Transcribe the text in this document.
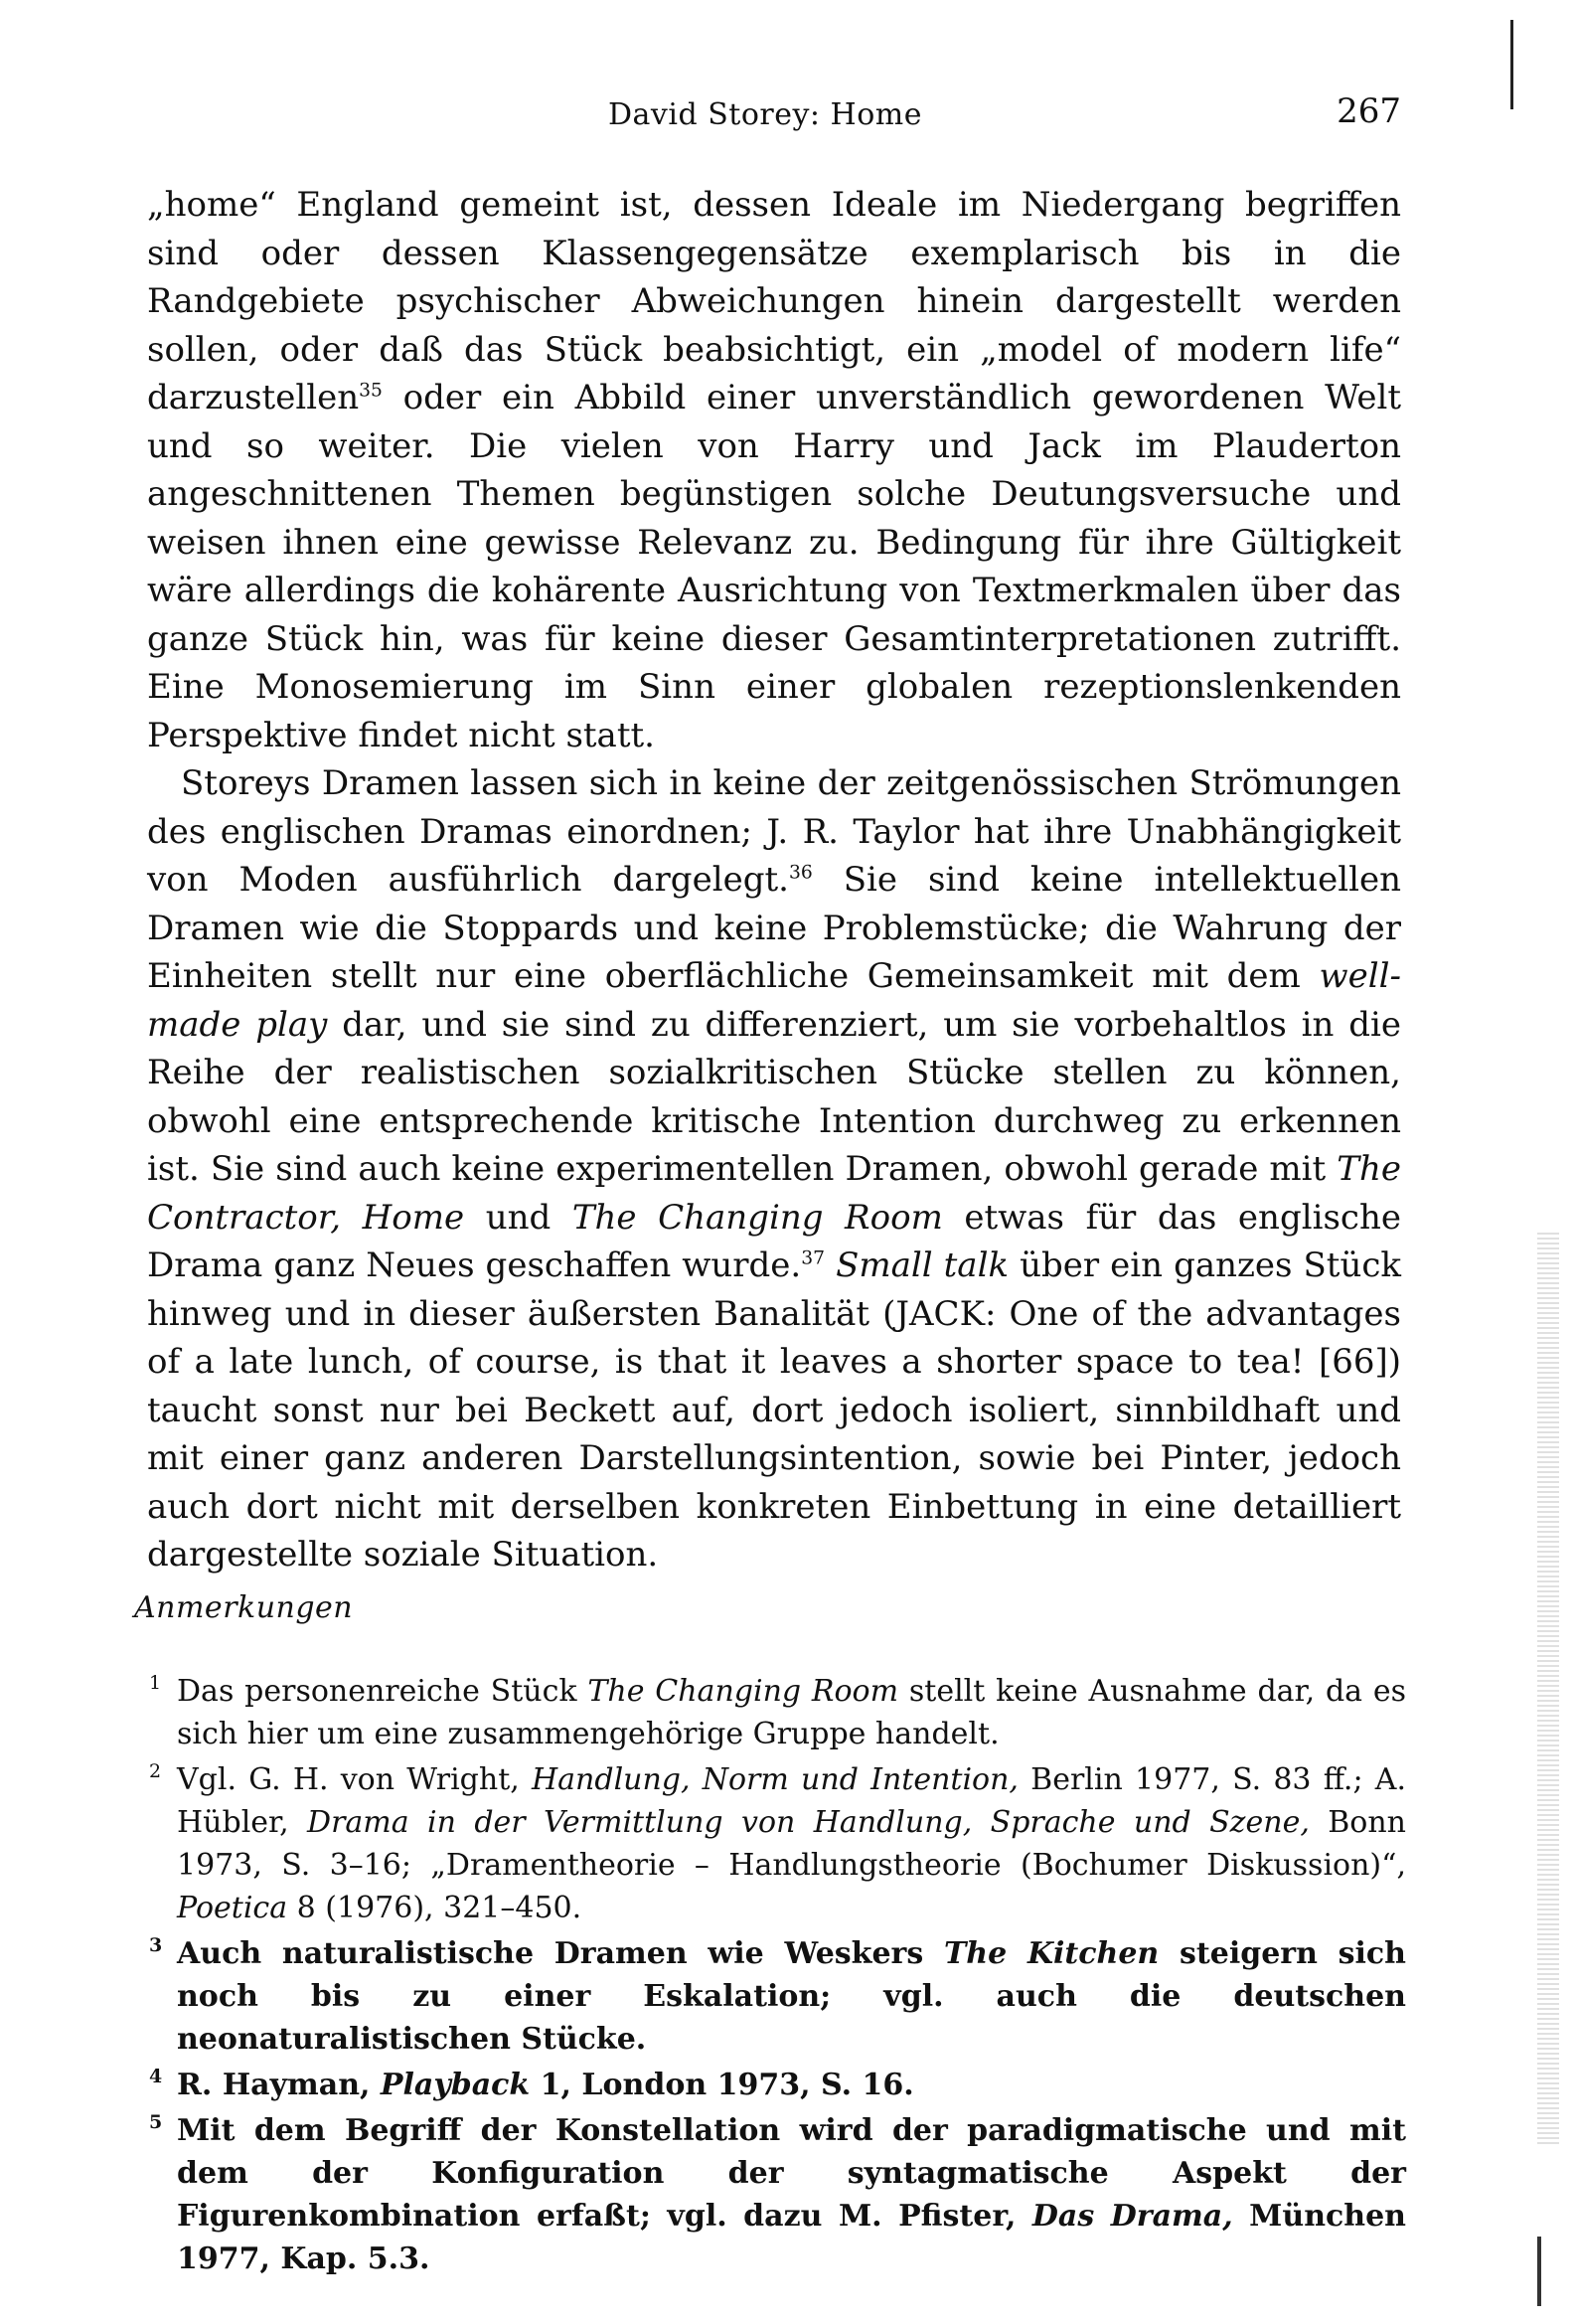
David Storey: Home	267

„home“ England gemeint ist, dessen Ideale im Niedergang begriffen sind oder dessen Klassengegensätze exemplarisch bis in die Randgebiete psychischer Abweichungen hinein dargestellt werden sollen, oder daß das Stück beabsichtigt, ein „model of modern life“ darzustellen$^{35}$ oder ein Abbild einer unverständlich gewordenen Welt und so weiter. Die vielen von Harry und Jack im Plauderton angeschnittenen Themen begünstigen solche Deutungsversuche und weisen ihnen eine gewisse Relevanz zu. Bedingung für ihre Gültigkeit wäre allerdings die kohärente Ausrichtung von Textmerkmalen über das ganze Stück hin, was für keine dieser Gesamtinterpretationen zutrifft. Eine Monosemierung im Sinn einer globalen rezeptionslenkenden Perspektive findet nicht statt.

Storeys Dramen lassen sich in keine der zeitgenössischen Strömungen des englischen Dramas einordnen; J. R. Taylor hat ihre Unabhängigkeit von Moden ausführlich dargelegt.$^{36}$ Sie sind keine intellektuellen Dramen wie die Stoppards und keine Problemstücke; die Wahrung der Einheiten stellt nur eine oberflächliche Gemeinsamkeit mit dem well-made play dar, und sie sind zu differenziert, um sie vorbehaltlos in die Reihe der realistischen sozialkritischen Stücke stellen zu können, obwohl eine entsprechende kritische Intention durchweg zu erkennen ist. Sie sind auch keine experimentellen Dramen, obwohl gerade mit The Contractor, Home und The Changing Room etwas für das englische Drama ganz Neues geschaffen wurde.$^{37}$ Small talk über ein ganzes Stück hinweg und in dieser äußersten Banalität (JACK: One of the advantages of a late lunch, of course, is that it leaves a shorter space to tea! [66]) taucht sonst nur bei Beckett auf, dort jedoch isoliert, sinnbildhaft und mit einer ganz anderen Darstellungsintention, sowie bei Pinter, jedoch auch dort nicht mit derselben konkreten Einbettung in eine detailliert dargestellte soziale Situation.

Anmerkungen
1 Das personenreiche Stück The Changing Room stellt keine Ausnahme dar, da es sich hier um eine zusammengehörige Gruppe handelt.
2 Vgl. G. H. von Wright, Handlung, Norm und Intention, Berlin 1977, S. 83 ff.; A. Hübler, Drama in der Vermittlung von Handlung, Sprache und Szene, Bonn 1973, S. 3–16; „Dramentheorie – Handlungstheorie (Bochumer Diskussion)“, Poetica 8 (1976), 321–450.
3 Auch naturalistische Dramen wie Weskers The Kitchen steigern sich noch bis zu einer Eskalation; vgl. auch die deutschen neonaturalistischen Stücke.
4 R. Hayman, Playback 1, London 1973, S. 16.
5 Mit dem Begriff der Konstellation wird der paradigmatische und mit dem der Konfiguration der syntagmatische Aspekt der Figurenkombination erfaßt; vgl. dazu M. Pfister, Das Drama, München 1977, Kap. 5.3.
